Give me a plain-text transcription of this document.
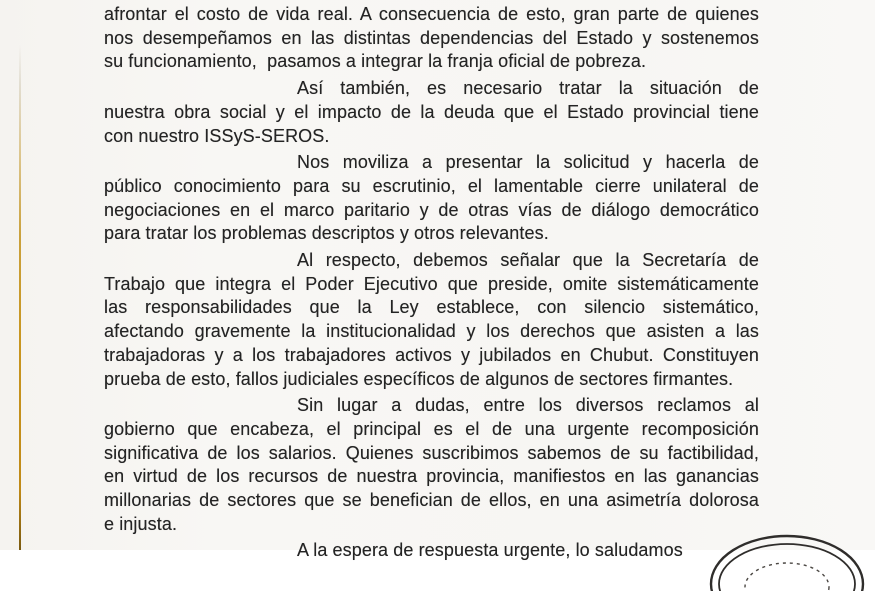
afrontar el costo de vida real. A consecuencia de esto, gran parte de quienes
nos desempeñamos en las distintas dependencias del Estado y sostenemos
su funcionamiento,  pasamos a integrar la franja oficial de pobreza.
Así también, es necesario tratar la situación de
nuestra obra social y el impacto de la deuda que el Estado provincial tiene
con nuestro ISSyS-SEROS.
Nos moviliza a presentar la solicitud y hacerla de
público conocimiento para su escrutinio, el lamentable cierre unilateral de
negociaciones en el marco paritario y de otras vías de diálogo democrático
para tratar los problemas descriptos y otros relevantes.
Al respecto, debemos señalar que la Secretaría de
Trabajo que integra el Poder Ejecutivo que preside, omite sistemáticamente
las responsabilidades que la Ley establece, con silencio sistemático,
afectando gravemente la institucionalidad y los derechos que asisten a las
trabajadoras y a los trabajadores activos y jubilados en Chubut. Constituyen
prueba de esto, fallos judiciales específicos de algunos de sectores firmantes.
Sin lugar a dudas, entre los diversos reclamos al
gobierno que encabeza, el principal es el de una urgente recomposición
significativa de los salarios. Quienes suscribimos sabemos de su factibilidad,
en virtud de los recursos de nuestra provincia, manifiestos en las ganancias
millonarias de sectores que se benefician de ellos, en una asimetría dolorosa
e injusta.
A la espera de respuesta urgente, lo saludamos
